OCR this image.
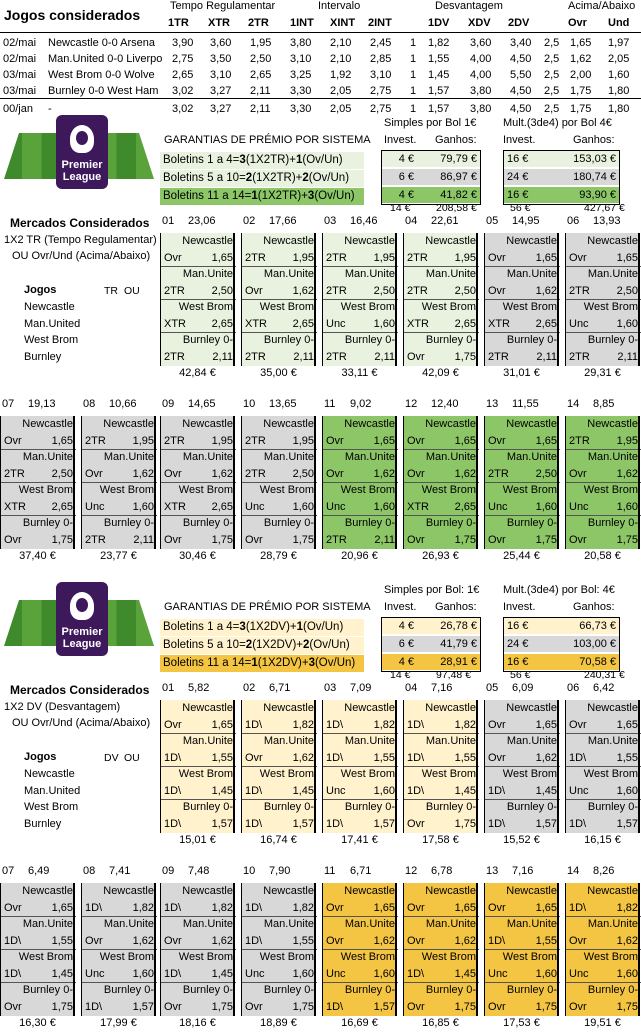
Jogos considerados
Tempo Regulamentar	Intervalo	Desvantagem	Acima/Abaixo
1TR XTR 2TR 1INT XINT 2INT	1DV XDV 2DV	Ovr Und
02/mai Newcastle 0-0 Arsena	3,90 3,60 1,95 3,80 2,10 2,45 1 1,82 3,60 3,40 2,5 1,65 1,97
02/mai Man.United 0-0 Liverpo 2,75 3,50 2,50 3,10 2,10 2,85 1 1,55 4,00 4,50 2,5 1,62 2,05
03/mai West Brom 0-0 Wolve	2,65 3,10 2,65 3,25 1,92 3,10 1 1,45 4,00 5,50 2,5 2,00 1,60
03/mai Burnley 0-0 West Ham	3,02 3,27 2,11 3,30 2,05 2,75 1 1,57 3,80 4,50 2,5 1,75 1,80
00/jan -	3,02 3,27 2,11 3,30 2,05 2,75 1 1,57 3,80 4,50 2,5 1,75 1,80
Premier
League
GARANTIAS DE PRÉMIO POR SISTEMA
Boletins 1 a 4=3(1X2TR)+1(Ov/Un)
Boletins 5 a 10=2(1X2TR)+2(Ov/Un)
Boletins 11 a 14=1(1X2TR)+3(Ov/Un)
Simples por Bol 1€ Mult.(3de4) por Bol 4€
Invest. Ganhos: Invest.	Ganhos:
4 € 79,79 €	16 €	153,03 €
6 € 86,97 €	24 €	180,74 €
4 € 41,82 €	16 €	93,90 €
14 € 208,58 €	56 €	427,67 €
Mercados Considerados
1X2 TR (Tempo Regulamentar)
OU Ovr/Und (Acima/Abaixo)
Jogos	TR OU
Newcastle
Man.United
West Brom
Burnley
01 23,06
Newcastle
Ovr	1,65
Man.Unite
2TR 2,50
West Brom
XTR 2,65
Burnley 0-
2TR	2,11
42,84 €
02 17,66
Newcastle
2TR 1,95
Man.Unite
Ovr	1,62
West Brom
XTR 2,65
Burnley 0-
2TR	2,11
35,00 €
03 16,46
Newcastle
2TR 1,95
Man.Unite
2TR 2,50
West Brom
Unc	1,60
Burnley 0-
2TR	2,11
33,11 €
04 22,61
Newcastle
2TR 1,95
Man.Unite
2TR 2,50
West Brom
XTR 2,65
Burnley 0-
Ovr	1,75
42,09 €
05 14,95
Newcastle
Ovr	1,65
Man.Unite
Ovr	1,62
West Brom
XTR 2,65
Burnley 0-
2TR	2,11
31,01 €
06 13,93
Newcastle
Ovr	1,65
Man.Unite
2TR 2,50
West Brom
Unc	1,60
Burnley 0-
2TR	2,11
29,31 €
07 19,13
Newcastle
Ovr	1,65
Man.Unite
2TR 2,50
West Brom
XTR 2,65
Burnley 0-
Ovr	1,75
37,40 €
08 10,66
Newcastle
2TR 1,95
Man.Unite
Ovr	1,62
West Brom
Unc	1,60
Burnley 0-
2TR	2,11
23,77 €
09 14,65
Newcastle
2TR 1,95
Man.Unite
Ovr	1,62
West Brom
XTR 2,65
Burnley 0-
Ovr	1,75
30,46 €
10 13,65
Newcastle
2TR 1,95
Man.Unite
2TR 2,50
West Brom
Unc	1,60
Burnley 0-
Ovr	1,75
28,79 €
11 9,02
Newcastle
Ovr	1,65
Man.Unite
Ovr	1,62
West Brom
Unc	1,60
Burnley 0-
2TR	2,11
20,96 €
12 12,40
Newcastle
Ovr	1,65
Man.Unite
Ovr	1,62
West Brom
XTR 2,65
Burnley 0-
Ovr	1,75
26,93 €
13 11,55
Newcastle
Ovr	1,65
Man.Unite
2TR 2,50
West Brom
Unc	1,60
Burnley 0-
Ovr	1,75
25,44 €
14 8,85
Newcastle
2TR 1,95
Man.Unite
Ovr	1,62
West Brom
Unc	1,60
Burnley 0-
Ovr	1,75
20,58 €
Premier
League
GARANTIAS DE PRÉMIO POR SISTEMA
Boletins 1 a 4=3(1X2DV)+1(Ov/Un)
Boletins 5 a 10=2(1X2DV)+2(Ov/Un)
Boletins 11 a 14=1(1X2DV)+3(Ov/Un)
Simples por Bol: 1€ Mult.(3de4) por Bol: 4€
Invest. Ganhos: Invest.	Ganhos:
4 € 26,78 €	16 €	66,73 €
6 € 41,79 €	24 €	103,00 €
4 € 28,91 €	16 €	70,58 €
14 € 97,48 €	56 €	240,31 €
Mercados Considerados
1X2 DV (Desvantagem)
OU Ovr/Und (Acima/Abaixo)
Jogos	DV OU
Newcastle
Man.United
West Brom
Burnley
01 5,82
Newcastle
Ovr	1,65
Man.Unite
1D\	1,55
West Brom
1D\	1,45
Burnley 0-
1D\	1,57
15,01 €
02 6,71
Newcastle
1D\	1,82
Man.Unite
Ovr	1,62
West Brom
1D\	1,45
Burnley 0-
1D\	1,57
16,74 €
03 7,09
Newcastle
1D\	1,82
Man.Unite
1D\	1,55
West Brom
Unc	1,60
Burnley 0-
1D\	1,57
17,41 €
04 7,16
Newcastle
1D\	1,82
Man.Unite
1D\	1,55
West Brom
1D\	1,45
Burnley 0-
Ovr	1,75
17,58 €
05 6,09
Newcastle
Ovr	1,65
Man.Unite
Ovr	1,62
West Brom
1D\	1,45
Burnley 0-
1D\	1,57
15,52 €
06 6,42
Newcastle
Ovr	1,65
Man.Unite
1D\	1,55
West Brom
Unc	1,60
Burnley 0-
1D\	1,57
16,15 €
07 6,49
Newcastle
Ovr	1,65
Man.Unite
1D\	1,55
West Brom
1D\	1,45
Burnley 0-
Ovr	1,75
16,30 €
08 7,41
Newcastle
1D\	1,82
Man.Unite
Ovr	1,62
West Brom
Unc	1,60
Burnley 0-
1D\	1,57
17,99 €
09 7,48
Newcastle
1D\	1,82
Man.Unite
Ovr	1,62
West Brom
1D\	1,45
Burnley 0-
Ovr	1,75
18,16 €
10 7,90
Newcastle
1D\	1,82
Man.Unite
1D\	1,55
West Brom
Unc	1,60
Burnley 0-
Ovr	1,75
18,89 €
11 6,71
Newcastle
Ovr	1,65
Man.Unite
Ovr	1,62
West Brom
Unc	1,60
Burnley 0-
1D\	1,57
16,69 €
12 6,78
Newcastle
Ovr	1,65
Man.Unite
Ovr	1,62
West Brom
1D\	1,45
Burnley 0-
Ovr	1,75
16,85 €
13 7,16
Newcastle
Ovr	1,65
Man.Unite
1D\	1,55
West Brom
Unc	1,60
Burnley 0-
Ovr	1,75
17,53 €
14 8,26
Newcastle
1D\	1,82
Man.Unite
Ovr	1,62
West Brom
Unc	1,60
Burnley 0-
Ovr	1,75
19,51 €
